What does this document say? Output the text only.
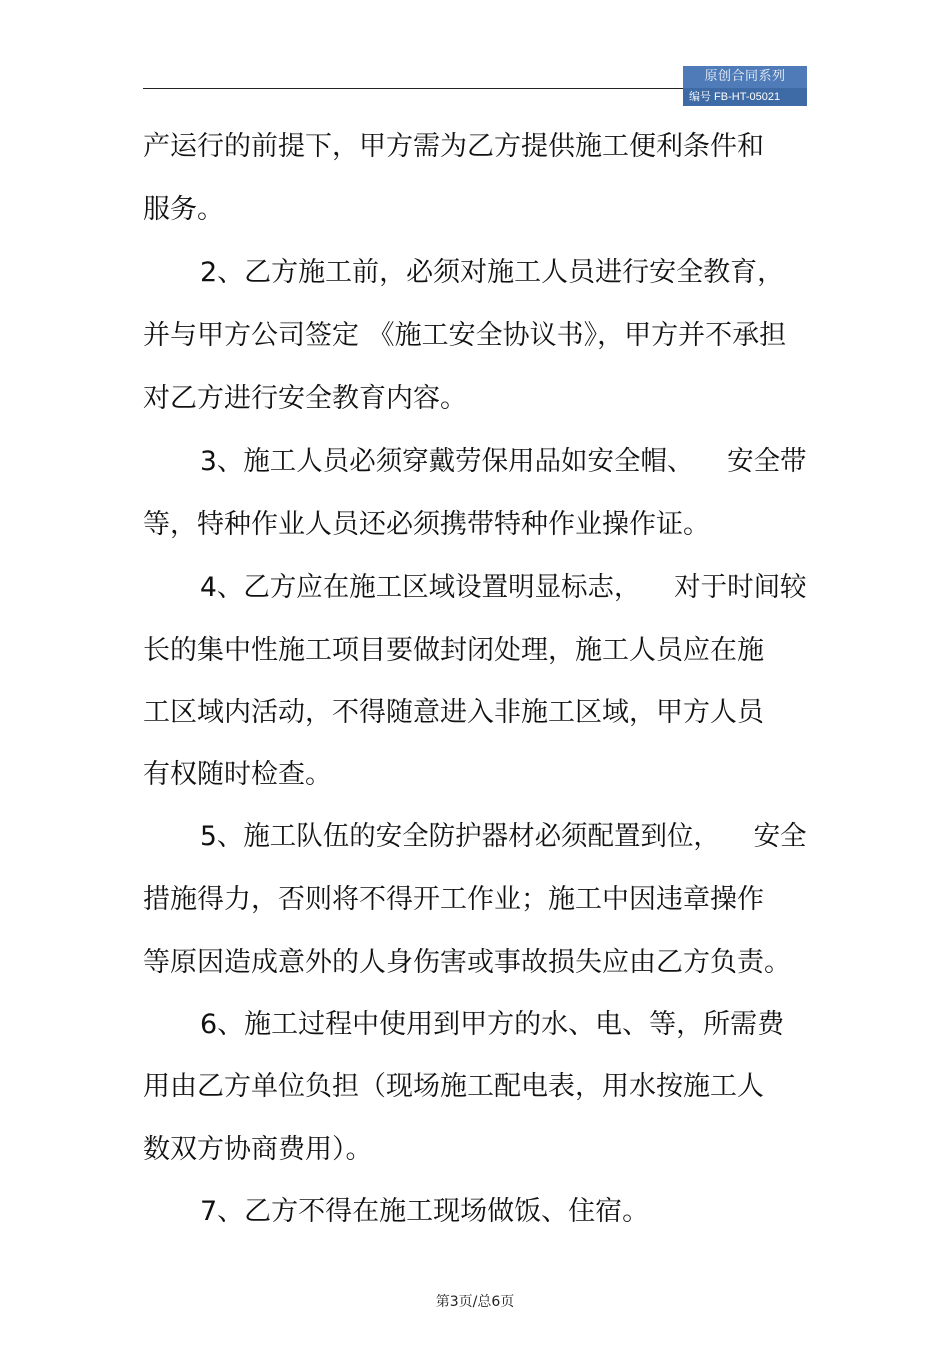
原创合同系列
编号 FB-HT-05021
产运行的前提下，甲方需为乙方提供施工便利条件和
服务。
2、乙方施工前，必须对施工人员进行安全教育，
并与甲方公司签定 《施工安全协议书》，甲方并不承担
对乙方进行安全教育内容。
3、施工人员必须穿戴劳保用品如安全帽、    安全带
等，特种作业人员还必须携带特种作业操作证。
4、乙方应在施工区域设置明显标志，    对于时间较
长的集中性施工项目要做封闭处理，施工人员应在施
工区域内活动，不得随意进入非施工区域，甲方人员
有权随时检查。
5、施工队伍的安全防护器材必须配置到位，    安全
措施得力，否则将不得开工作业；施工中因违章操作
等原因造成意外的人身伤害或事故损失应由乙方负责。
6、施工过程中使用到甲方的水、电、等，所需费
用由乙方单位负担（现场施工配电表，用水按施工人
数双方协商费用）。
7、乙方不得在施工现场做饭、住宿。
第3页/总6页
